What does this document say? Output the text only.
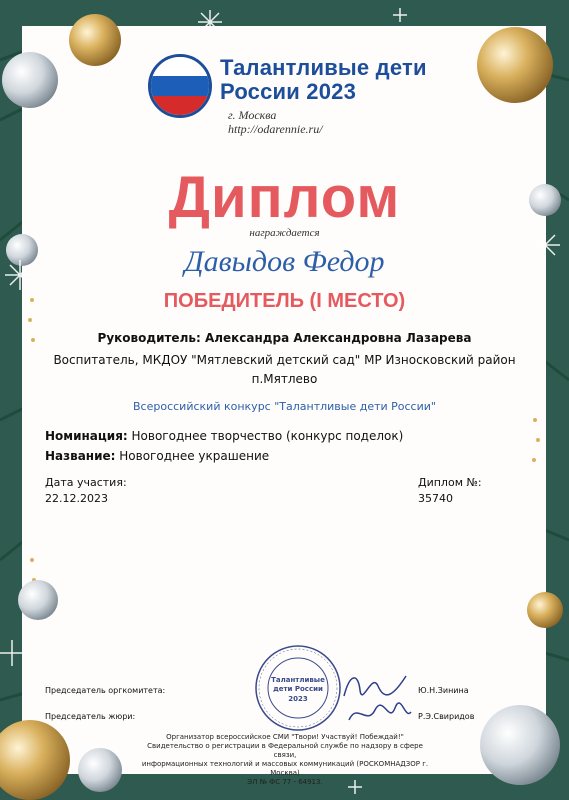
Талантливые дети
России 2023
г. Москва
http://odarennie.ru/
Диплом
награждается
Давыдов Федор
ПОБЕДИТЕЛЬ (I МЕСТО)
Руководитель: Александра Александровна Лазарева
Воспитатель, МКДОУ "Мятлевский детский сад" МР Износковский район
п.Мятлево
Всероссийский конкурс "Талантливые дети России"
Номинация: Новогоднее творчество (конкурс поделок)
Название: Новогоднее украшение
Дата участия:
22.12.2023
Диплом №:
35740
Талантливые
дети России
2023
Председатель оргкомитета:	Ю.Н.Зинина
Председатель жюри:	Р.Э.Свиридов
Организатор всероссийское СМИ "Твори! Участвуй! Побеждай!"
Свидетельство о регистрации в Федеральной службе по надзору в сфере связи,
информационных технологий и массовых коммуникаций (РОСКОМНАДЗОР г. Москва)
ЭЛ № ФС 77 - 64913.
